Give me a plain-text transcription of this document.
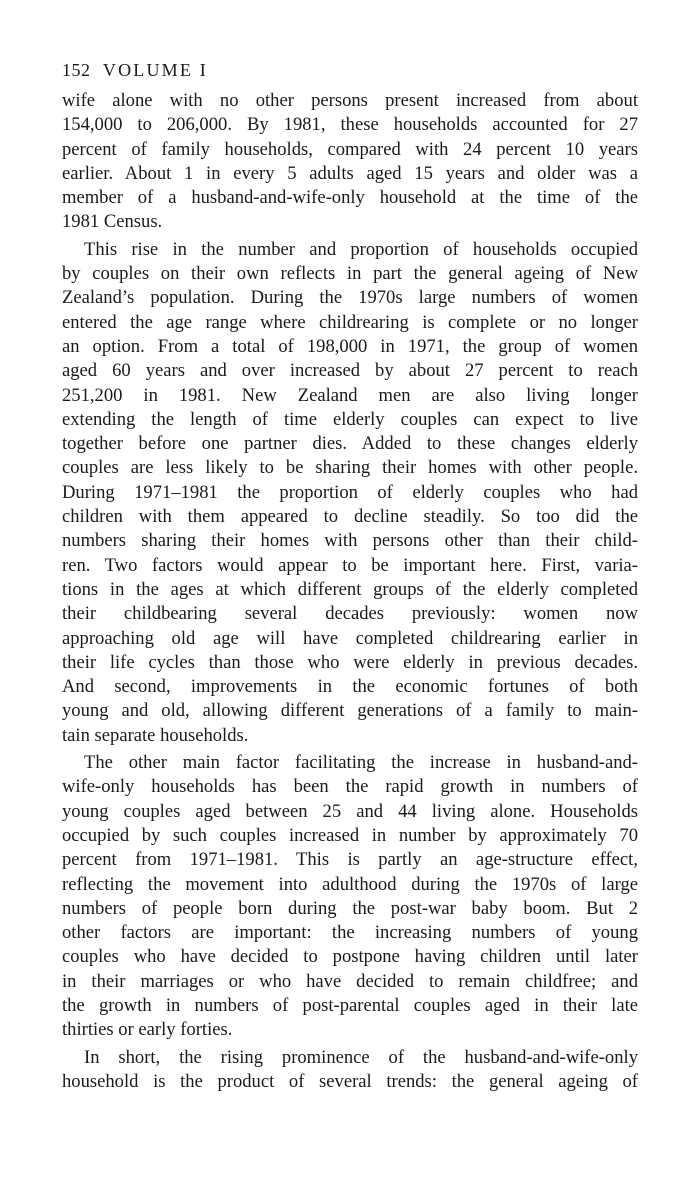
152 VOLUME I

wife alone with no other persons present increased from about
154,000 to 206,000. By 1981, these households accounted for 27
percent of family households, compared with 24 percent 10 years
earlier. About 1 in every 5 adults aged 15 years and older was a
member of a husband-and-wife-only household at the time of the
1981 Census.

This rise in the number and proportion of households occupied
by couples on their own reflects in part the general ageing of New
Zealand’s population. During the 1970s large numbers of women
entered the age range where childrearing is complete or no longer
an option. From a total of 198,000 in 1971, the group of women
aged 60 years and over increased by about 27 percent to reach
251,200 in 1981. New Zealand men are also living longer
extending the length of time elderly couples can expect to live
together before one partner dies. Added to these changes elderly
couples are less likely to be sharing their homes with other people.
During 1971–1981 the proportion of elderly couples who had
children with them appeared to decline steadily. So too did the
numbers sharing their homes with persons other than their child-
ren. Two factors would appear to be important here. First, varia-
tions in the ages at which different groups of the elderly completed
their childbearing several decades previously: women now
approaching old age will have completed childrearing earlier in
their life cycles than those who were elderly in previous decades.
And second, improvements in the economic fortunes of both
young and old, allowing different generations of a family to main-
tain separate households.

The other main factor facilitating the increase in husband-and-
wife-only households has been the rapid growth in numbers of
young couples aged between 25 and 44 living alone. Households
occupied by such couples increased in number by approximately 70
percent from 1971–1981. This is partly an age-structure effect,
reflecting the movement into adulthood during the 1970s of large
numbers of people born during the post-war baby boom. But 2
other factors are important: the increasing numbers of young
couples who have decided to postpone having children until later
in their marriages or who have decided to remain childfree; and
the growth in numbers of post-parental couples aged in their late
thirties or early forties.

In short, the rising prominence of the husband-and-wife-only
household is the product of several trends: the general ageing of
